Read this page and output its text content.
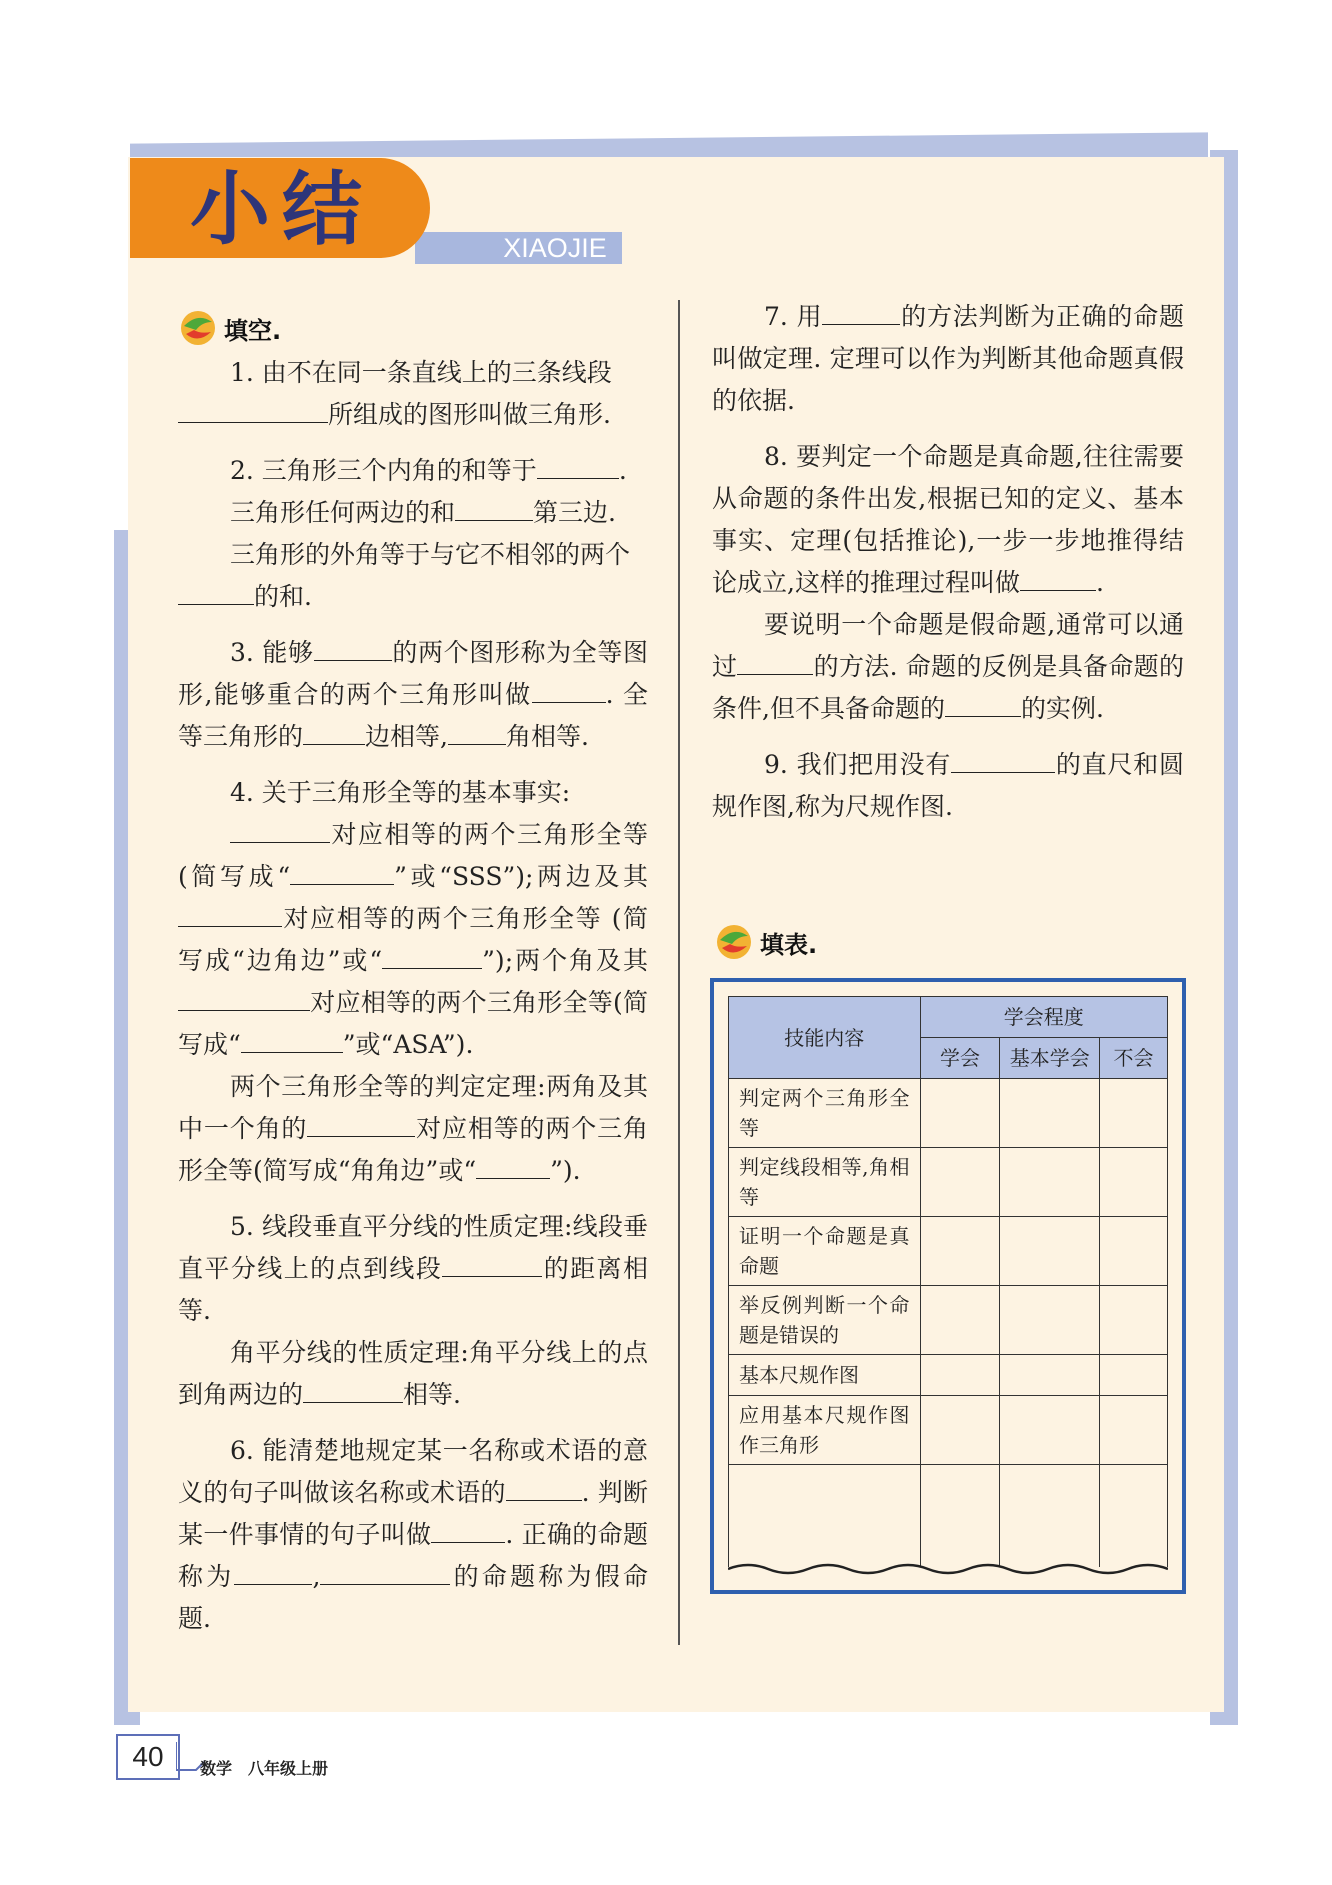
小结	XIAOJIE
填空.

1. 由不在同一条直线上的三条线段
所组成的图形叫做三角形.

2. 三角形三个内角的和等于	.
三角形任何两边的和	第三边.
三角形的外角等于与它不相邻的两个
的和.

3. 能够	的两个图形称为全等图形,能够重合的两个三角形叫做	. 全等三角形的 边相等, 角相等.

4. 关于三角形全等的基本事实:
对应相等的两个三角形全等(简写成“	”或“SSS”);两边及其 对应相等的两个三角形全等 (简写成“边角边”或“	”);两个角及其 对应相等的两个三角形全等(简写成“	”或“ASA”).
两个三角形全等的判定定理:两角及其中一个角的	对应相等的两个三角形全等(简写成“角角边”或“	”).

5. 线段垂直平分线的性质定理:线段垂直平分线上的点到线段	的距离相等.
角平分线的性质定理:角平分线上的点到角两边的	相等.

6. 能清楚地规定某一名称或术语的意义的句子叫做该名称或术语的	. 判断某一件事情的句子叫做	. 正确的命题称为	,	的命题称为假命题.

7. 用	的方法判断为正确的命题叫做定理. 定理可以作为判断其他命题真假的依据.

8. 要判定一个命题是真命题,往往需要从命题的条件出发,根据已知的定义、基本事实、定理(包括推论),一步一步地推得结论成立,这样的推理过程叫做	.
要说明一个命题是假命题,通常可以通过	的方法. 命题的反例是具备命题的条件,但不具备命题的	的实例.

9. 我们把用没有	的直尺和圆规作图,称为尺规作图.

填表.
技能内容	学会程度		
	学会	基本学会	不会
判定两个三角形全等			
判定线段相等,角相等			
证明一个命题是真命题			
举反例判断一个命题是错误的			
基本尺规作图			
应用基本尺规作图作三角形			

40	数学　八年级上册
